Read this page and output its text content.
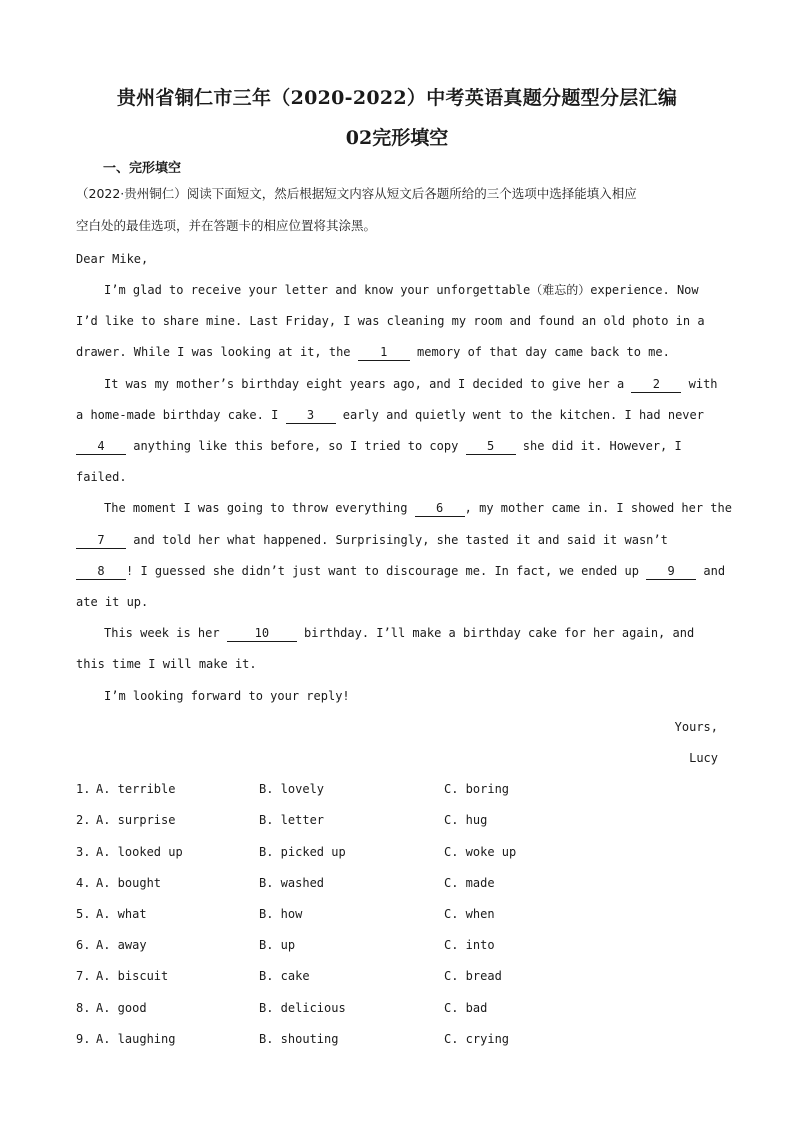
贵州省铜仁市三年（2020-2022）中考英语真题分题型分层汇编
02完形填空
一、完形填空
（2022·贵州铜仁）阅读下面短文，然后根据短文内容从短文后各题所给的三个选项中选择能填入相应
空白处的最佳选项，并在答题卡的相应位置将其涂黑。
Dear Mike,
I’m glad to receive your letter and know your unforgettable（难忘的）experience. Now
I’d like to share mine. Last Friday, I was cleaning my room and found an old photo in a
drawer. While I was looking at it, the 1 memory of that day came back to me.
It was my mother’s birthday eight years ago, and I decided to give her a 2 with
a home-made birthday cake. I 3 early and quietly went to the kitchen. I had never
4 anything like this before, so I tried to copy 5 she did it. However, I
failed.
The moment I was going to throw everything 6 , my mother came in. I showed her the
7 and told her what happened. Surprisingly, she tasted it and said it wasn’t
8 ! I guessed she didn’t just want to discourage me. In fact, we ended up 9 and
ate it up.
This week is her 10 birthday. I’ll make a birthday cake for her again, and
this time I will make it.
I’m looking forward to your reply!
Yours,
Lucy
1. A. terrible	B. lovely	C. boring
2. A. surprise	B. letter	C. hug
3. A. looked up	B. picked up	C. woke up
4. A. bought	B. washed	C. made
5. A. what	B. how	C. when
6. A. away	B. up	C. into
7. A. biscuit	B. cake	C. bread
8. A. good	B. delicious	C. bad
9. A. laughing	B. shouting	C. crying
